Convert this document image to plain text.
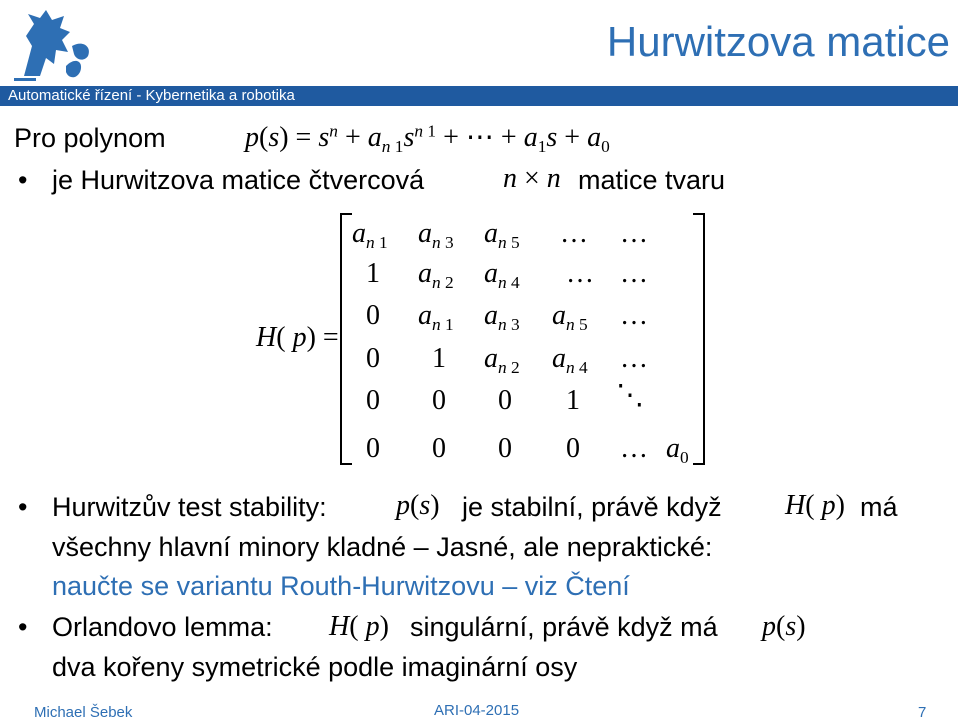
Hurwitzova matice
Automatické řízení - Kybernetika a robotika
Pro polynom	$p(s) = s^n + a_{n 1}s^{n 1}$ + ⋯ + $a_1s + a_0$
• je Hurwitzova matice čtvercová	n × n matice tvaru
H( p) =
$a_{n 1}$ $a_{n 3}$ $a_{n 5}$ … …
1 $a_{n 2}$ $a_{n 4}$ … …
0 $a_{n 1}$ $a_{n 3}$ $a_{n 5}$ …
0 1 $a_{n 2}$ $a_{n 4}$ …
0 0 0 1 ⋱
0 0 0 0 … $a_0$
• Hurwitzův test stability: p(s) je stabilní, právě když H( p) má
všechny hlavní minory kladné – Jasné, ale nepraktické:
naučte se variantu Routh-Hurwitzovu – viz Čtení
• Orlandovo lemma: H( p) singulární, právě když má p(s)
dva kořeny symetrické podle imaginární osy
Michael Šebek	ARI-04-2015	7
